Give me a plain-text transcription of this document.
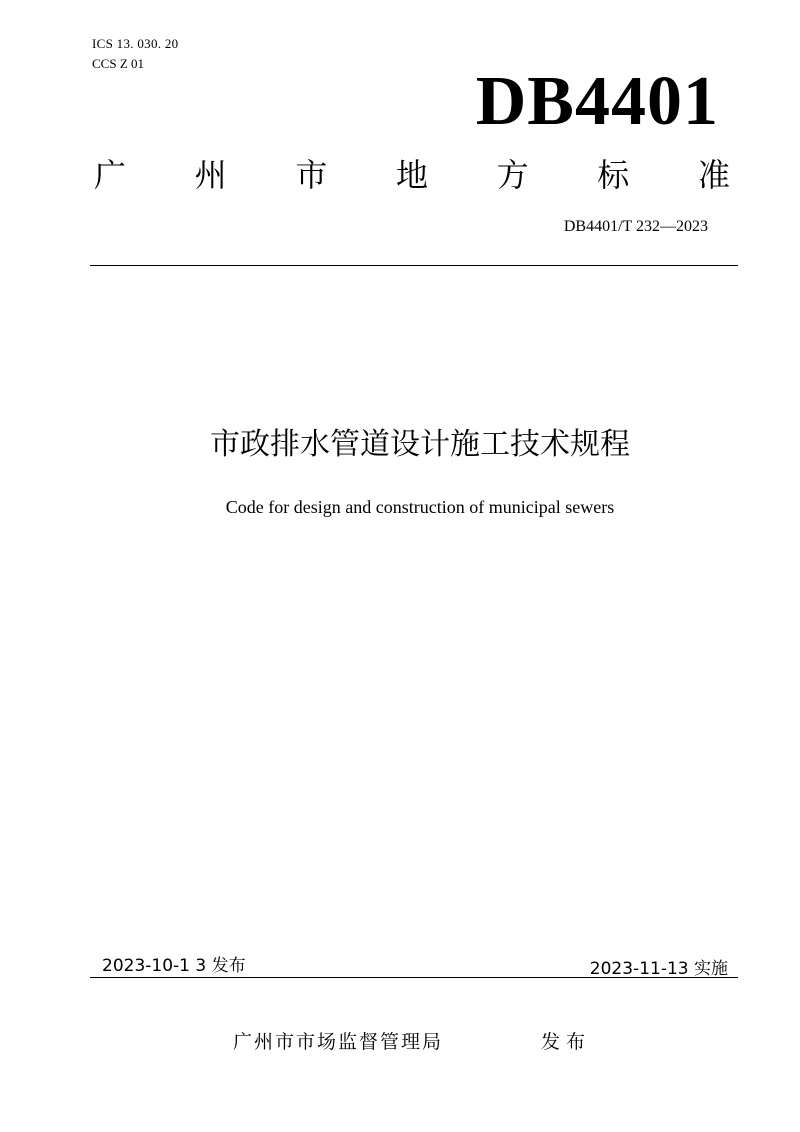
ICS 13. 030. 20
CCS Z 01	DB4401
广 州 市 地 方 标 准
DB4401/T 232—2023
市政排水管道设计施工技术规程
Code for design and construction of municipal sewers
2023-10-1 3 发布	2023-11-13 实施
广州市市场监督管理局	发布
